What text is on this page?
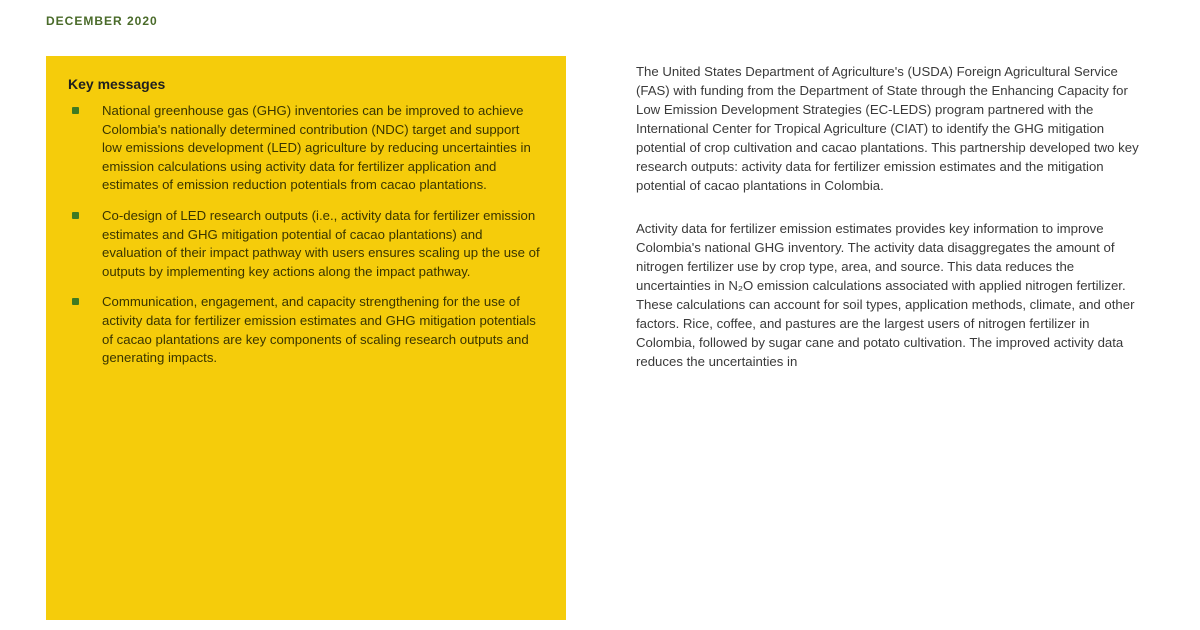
DECEMBER 2020
Key messages
National greenhouse gas (GHG) inventories can be improved to achieve Colombia's nationally determined contribution (NDC) target and support low emissions development (LED) agriculture by reducing uncertainties in emission calculations using activity data for fertilizer application and estimates of emission reduction potentials from cacao plantations.
Co-design of LED research outputs (i.e., activity data for fertilizer emission estimates and GHG mitigation potential of cacao plantations) and evaluation of their impact pathway with users ensures scaling up the use of outputs by implementing key actions along the impact pathway.
Communication, engagement, and capacity strengthening for the use of activity data for fertilizer emission estimates and GHG mitigation potentials of cacao plantations are key components of scaling research outputs and generating impacts.

The United States Department of Agriculture's (USDA) Foreign Agricultural Service (FAS) with funding from the Department of State through the Enhancing Capacity for Low Emission Development Strategies (EC-LEDS) program partnered with the International Center for Tropical Agriculture (CIAT) to identify the GHG mitigation potential of crop cultivation and cacao plantations. This partnership developed two key research outputs: activity data for fertilizer emission estimates and the mitigation potential of cacao plantations in Colombia.

Activity data for fertilizer emission estimates provides key information to improve Colombia's national GHG inventory. The activity data disaggregates the amount of nitrogen fertilizer use by crop type, area, and source. This data reduces the uncertainties in N₂O emission calculations associated with applied nitrogen fertilizer. These calculations can account for soil types, application methods, climate, and other factors. Rice, coffee, and pastures are the largest users of nitrogen fertilizer in Colombia, followed by sugar cane and potato cultivation. The improved activity data reduces the uncertainties in
